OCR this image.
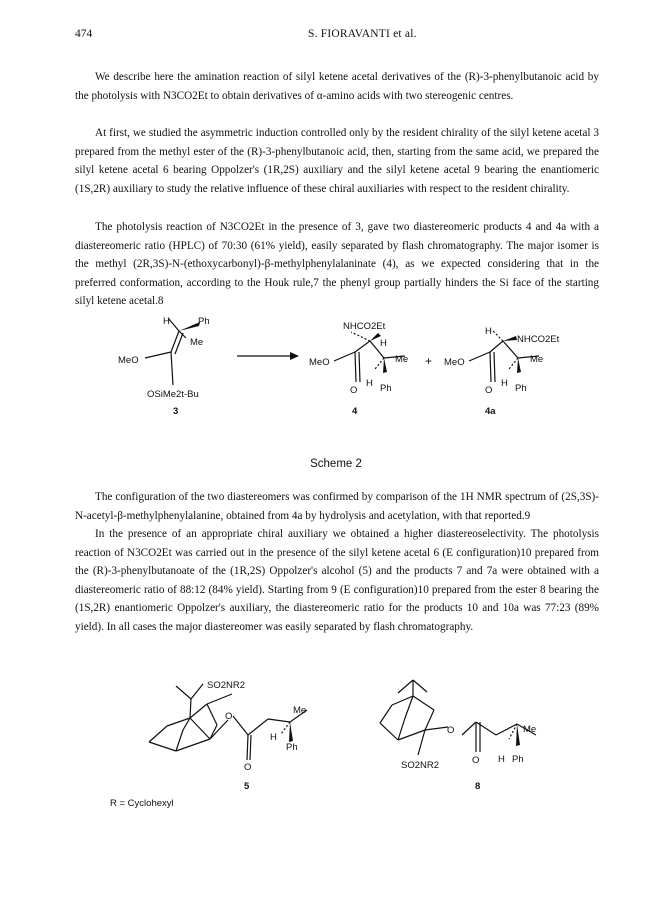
474	S. FIORAVANTI et al.

We describe here the amination reaction of silyl ketene acetal derivatives of the (R)-3-phenylbutanoic acid by the photolysis with N3CO2Et to obtain derivatives of α-amino acids with two stereogenic centres.

At first, we studied the asymmetric induction controlled only by the resident chirality of the silyl ketene acetal 3 prepared from the methyl ester of the (R)-3-phenylbutanoic acid, then, starting from the same acid, we prepared the silyl ketene acetal 6 bearing Oppolzer's (1R,2S) auxiliary and the silyl ketene acetal 9 bearing the enantiomeric (1S,2R) auxiliary to study the relative influence of these chiral auxiliaries with respect to the resident chirality.

The photolysis reaction of N3CO2Et in the presence of 3, gave two diastereomeric products 4 and 4a with a diastereomeric ratio (HPLC) of 70:30 (61% yield), easily separated by flash chromatography. The major isomer is the methyl (2R,3S)-N-(ethoxycarbonyl)-β-methylphenylalaninate (4), as we expected considering that in the preferred conformation, according to the Houk rule,7 the phenyl group partially hinders the Si face of the starting silyl ketene acetal.8

The configuration of the two diastereomers was confirmed by comparison of the 1H NMR spectrum of (2S,3S)-N-acetyl-β-methylphenylalanine, obtained from 4a by hydrolysis and acetylation, with that reported.9

In the presence of an appropriate chiral auxiliary we obtained a higher diastereoselectivity. The photolysis reaction of N3CO2Et was carried out in the presence of the silyl ketene acetal 6 (E configuration)10 prepared from the (R)-3-phenylbutanoate of the (1R,2S) Oppolzer's alcohol (5) and the products 7 and 7a were obtained with a diastereomeric ratio of 88:12 (84% yield). Starting from 9 (E configuration)10 prepared from the ester 8 bearing the (1S,2R) enantiomeric Oppolzer's auxiliary, the diastereomeric ratio for the products 10 and 10a was 77:23 (89% yield). In all cases the major diastereomer was easily separated by flash chromatography.

H	Ph
Me
MeO
OSiMe2t-Bu
3
NHCO2Et
H
MeO	Me
O
H Ph
4
+
H
NHCO2Et
MeO	Me
O
H Ph
4a
SO2NR2
O
Me
O
H
Ph
5
R = Cyclohexyl
O	Me
O H Ph
SO2NR2
8
Scheme 2
